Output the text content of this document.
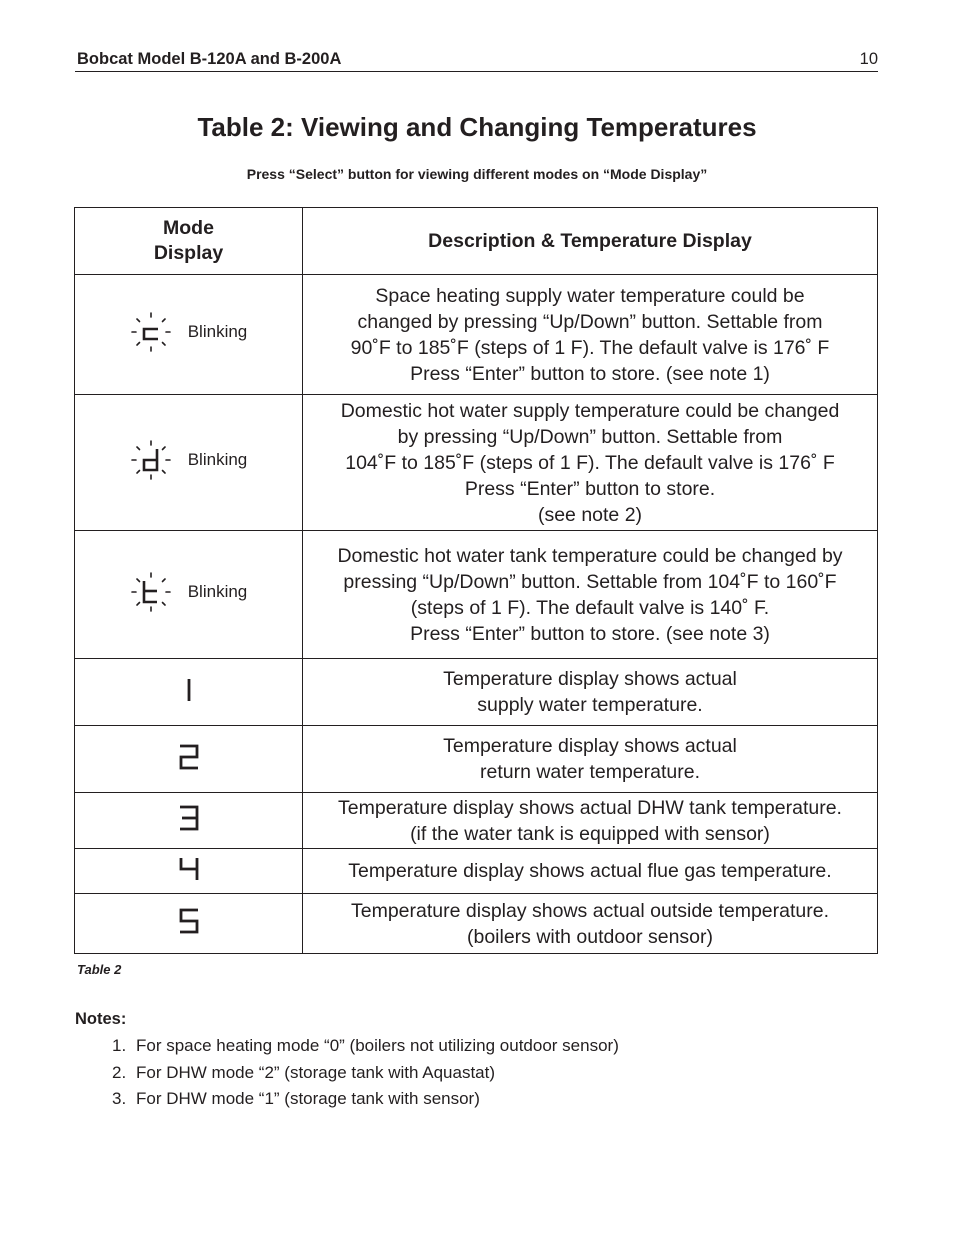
Bobcat Model B-120A and B-200A	10
Table 2: Viewing and Changing Temperatures
Press “Select” button for viewing different modes on “Mode Display”
Mode
Display	Description & Temperature Display

Blinking	Space heating supply water temperature could be
changed by pressing “Up/Down” button. Settable from
90˚F to 185˚F (steps of 1 F). The default valve is 176˚ F
Press “Enter” button to store. (see note 1)

Blinking	Domestic hot water supply temperature could be changed
by pressing “Up/Down” button. Settable from
104˚F to 185˚F (steps of 1 F). The default valve is 176˚ F
Press “Enter” button to store.
(see note 2)

Blinking	Domestic hot water tank temperature could be changed by
pressing “Up/Down” button. Settable from 104˚F to 160˚F
(steps of 1 F). The default valve is 140˚ F.
Press “Enter” button to store. (see note 3)

Temperature display shows actual
supply water temperature.

Temperature display shows actual
return water temperature.

Temperature display shows actual DHW tank temperature.
(if the water tank is equipped with sensor)

Temperature display shows actual flue gas temperature.

Temperature display shows actual outside temperature.
(boilers with outdoor sensor)
Table 2
Notes:
1. For space heating mode “0” (boilers not utilizing outdoor sensor)
2. For DHW mode “2” (storage tank with Aquastat)
3. For DHW mode “1” (storage tank with sensor)
